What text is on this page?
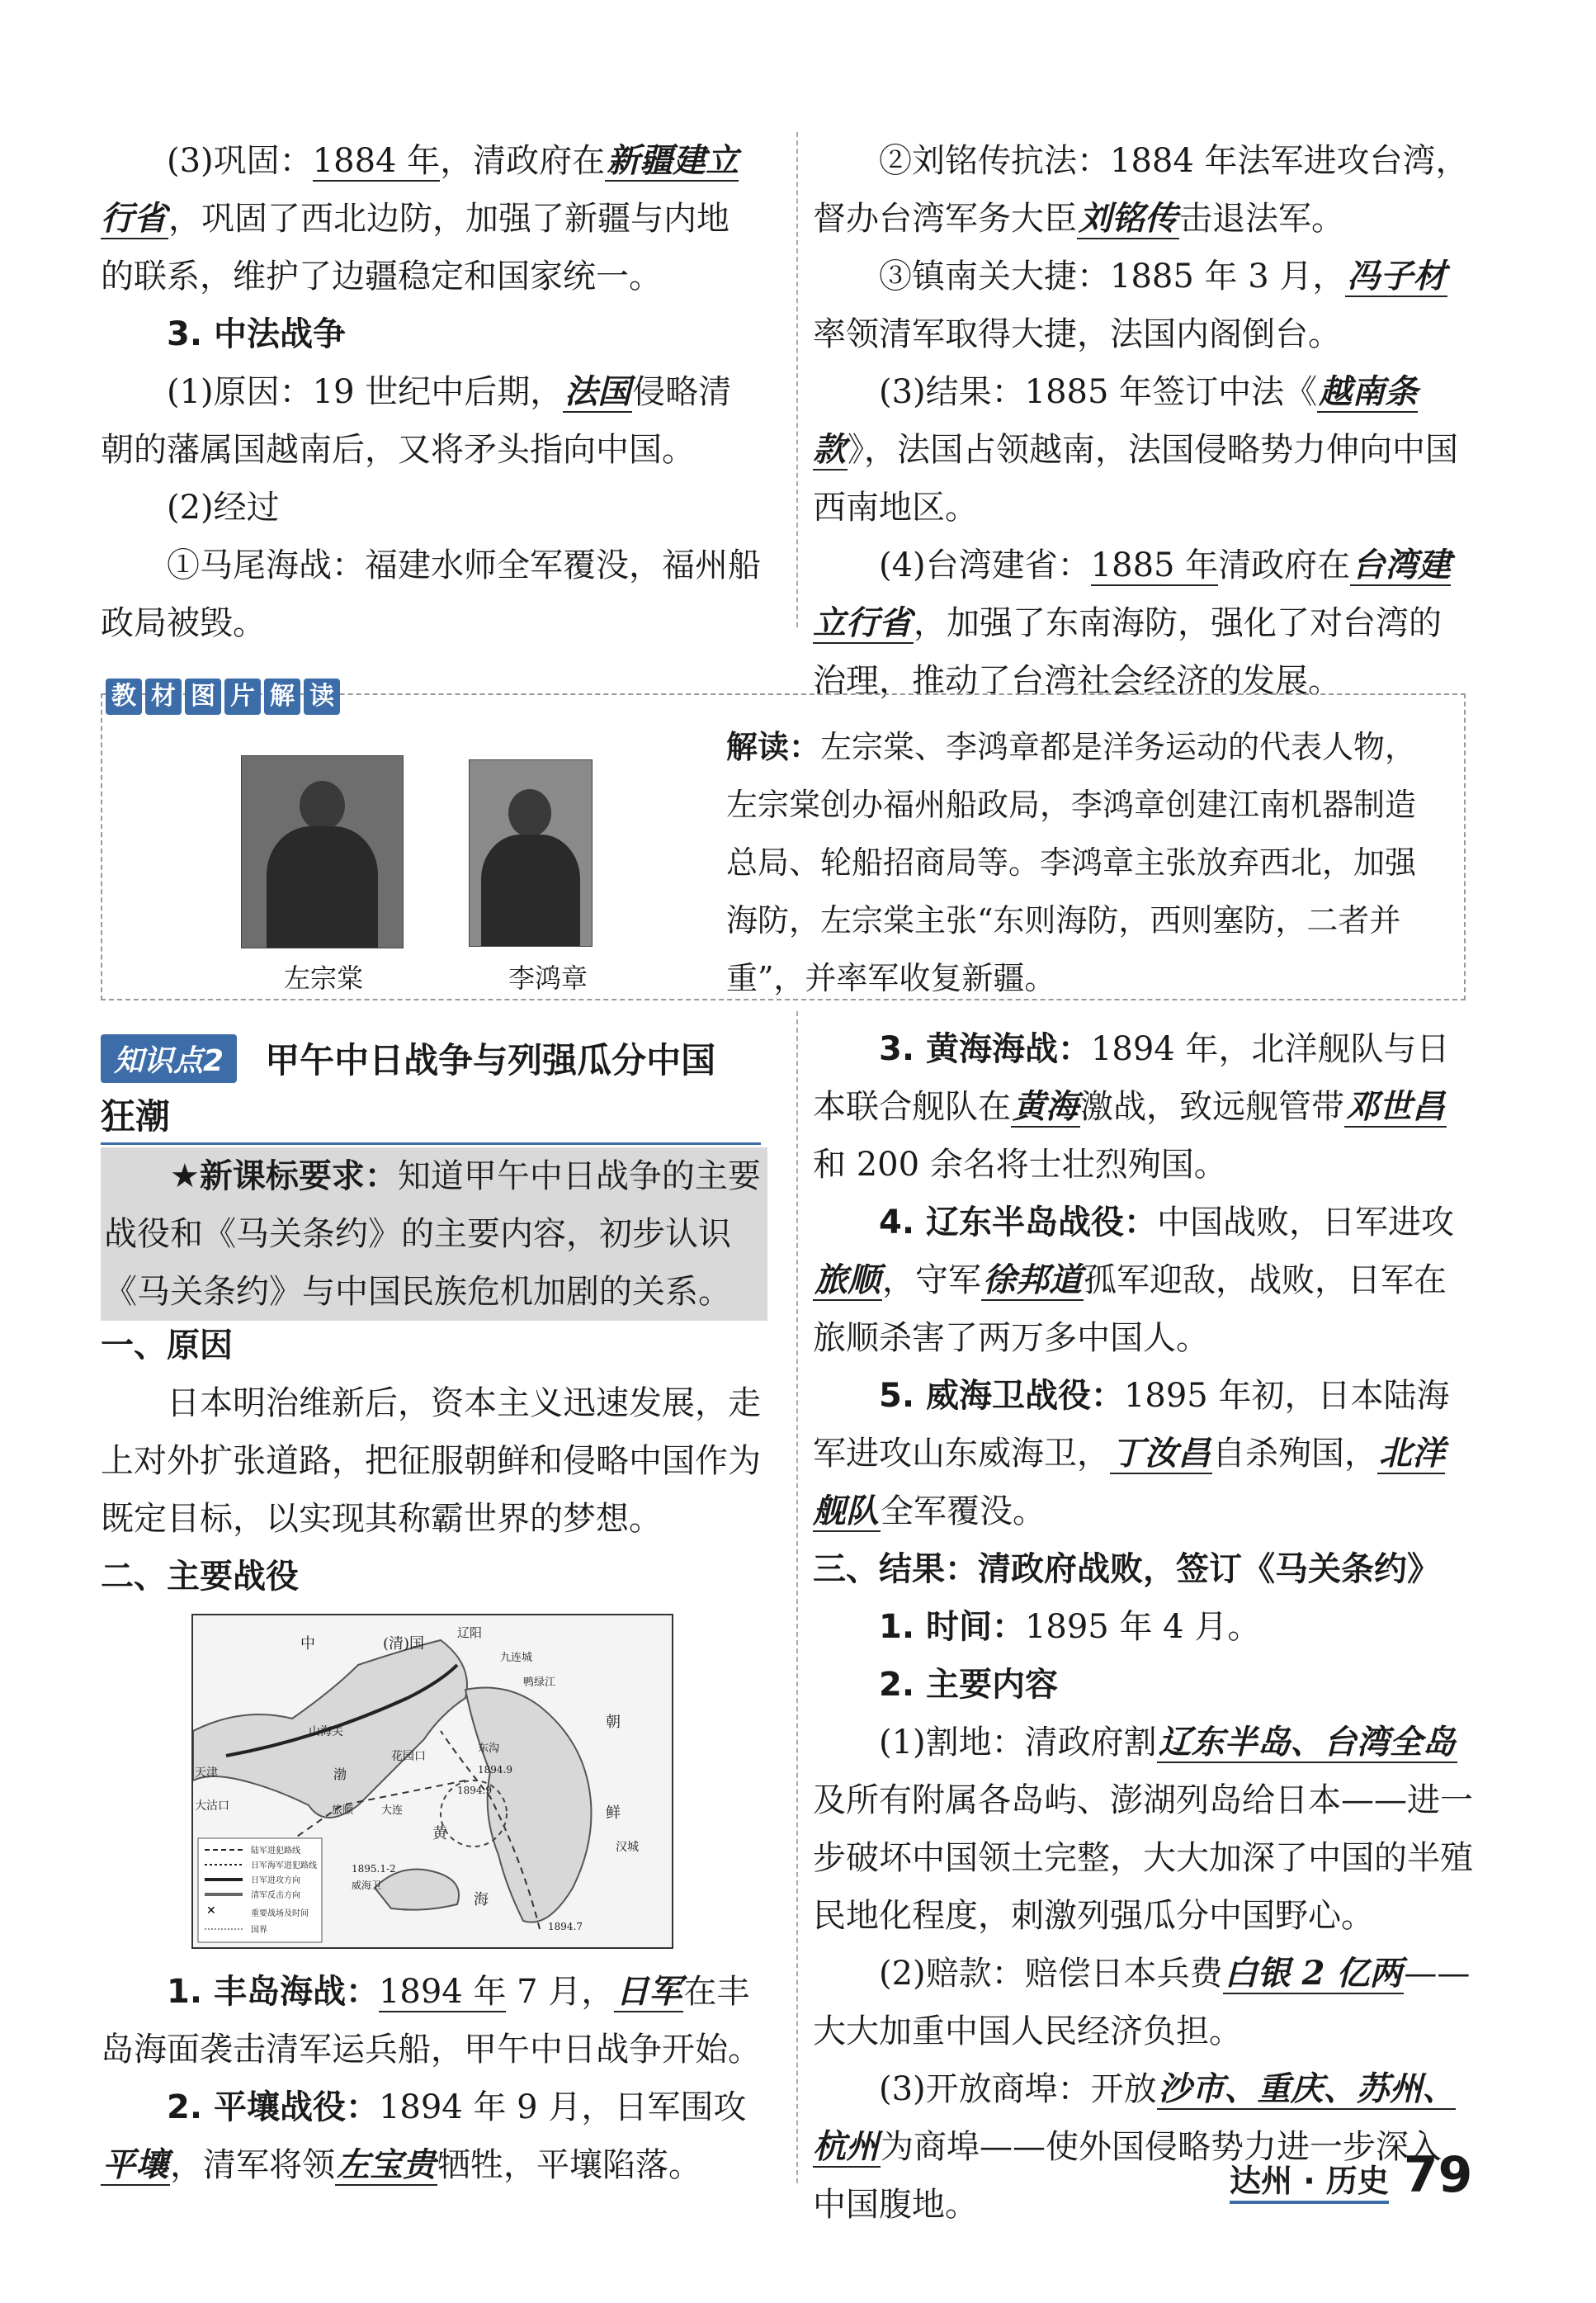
(3)巩固：1884 年，清政府在新疆建立行省，巩固了西北边防，加强了新疆与内地的联系，维护了边疆稳定和国家统一。

3. 中法战争

(1)原因：19 世纪中后期，法国侵略清朝的藩属国越南后，又将矛头指向中国。

(2)经过

①马尾海战：福建水师全军覆没，福州船政局被毁。

②刘铭传抗法：1884 年法军进攻台湾，督办台湾军务大臣刘铭传击退法军。

③镇南关大捷：1885 年 3 月，冯子材率领清军取得大捷，法国内阁倒台。

(3)结果：1885 年签订中法《越南条款》，法国占领越南，法国侵略势力伸向中国西南地区。

(4)台湾建省：1885 年清政府在台湾建立行省，加强了东南海防，强化了对台湾的治理，推动了台湾社会经济的发展。

教 材 图 片 解 读
左宗棠	李鸿章
解读：左宗棠、李鸿章都是洋务运动的代表人物，左宗棠创办福州船政局，李鸿章创建江南机器制造总局、轮船招商局等。李鸿章主张放弃西北，加强海防，左宗棠主张“东则海防，西则塞防，二者并重”，并率军收复新疆。
知识点2	甲午中日战争与列强瓜分中国
狂潮
★新课标要求：知道甲午中日战争的主要战役和《马关条约》的主要内容，初步认识《马关条约》与中国民族危机加剧的关系。

一、原因

日本明治维新后，资本主义迅速发展，走上对外扩张道路，把征服朝鲜和侵略中国作为既定目标，以实现其称霸世界的梦想。

二、主要战役

✕
中	(清)国
辽阳
九连城
鸭绿江
山海关
朝
天津
大沽口
花园口
渤
旅顺	大连
1894.9
黄
海
鲜
汉城
1895.1-2
威海卫
1894.7
1894.9
东沟
陆军进犯路线
日军海军进犯路线
日军进攻方向
清军反击方向
重要战场及时间
国界

1. 丰岛海战：1894 年 7 月，日军在丰岛海面袭击清军运兵船，甲午中日战争开始。

2. 平壤战役：1894 年 9 月，日军围攻平壤，清军将领左宝贵牺牲，平壤陷落。

3. 黄海海战：1894 年，北洋舰队与日本联合舰队在黄海激战，致远舰管带邓世昌和 200 余名将士壮烈殉国。

4. 辽东半岛战役：中国战败，日军进攻旅顺，守军徐邦道孤军迎敌，战败，日军在旅顺杀害了两万多中国人。

5. 威海卫战役：1895 年初，日本陆海军进攻山东威海卫，丁汝昌自杀殉国，北洋舰队全军覆没。

三、结果：清政府战败，签订《马关条约》

1. 时间：1895 年 4 月。

2. 主要内容

(1)割地：清政府割辽东半岛、台湾全岛及所有附属各岛屿、澎湖列岛给日本——进一步破坏中国领土完整，大大加深了中国的半殖民地化程度，刺激列强瓜分中国野心。

(2)赔款：赔偿日本兵费白银 2 亿两——大大加重中国人民经济负担。

(3)开放商埠：开放沙市、重庆、苏州、杭州为商埠——使外国侵略势力进一步深入中国腹地。

达州 · 历史 79
